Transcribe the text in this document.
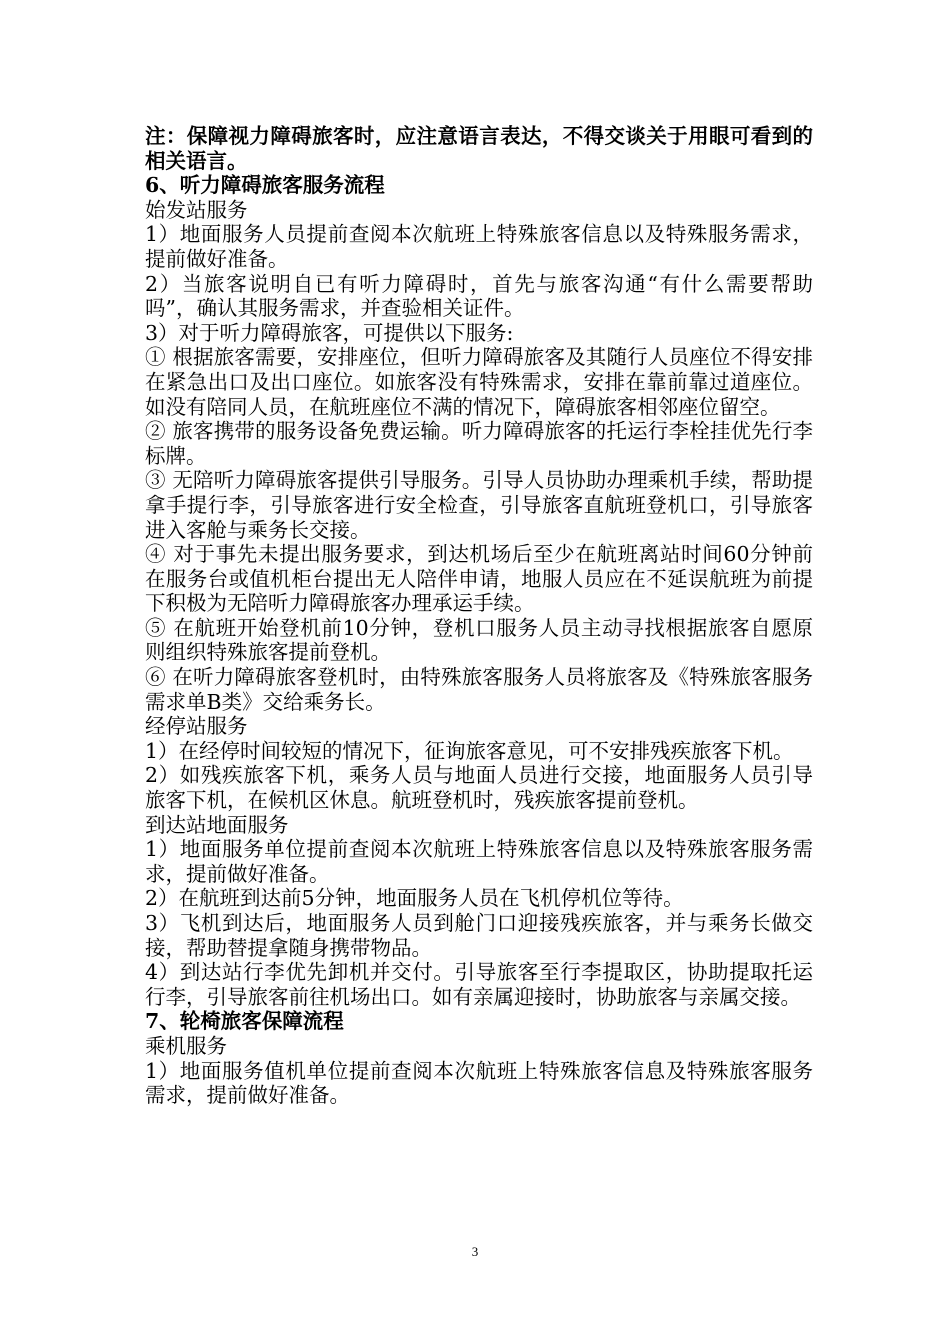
注：保障视力障碍旅客时，应注意语言表达，不得交谈关于用眼可看到的相关语言。

6、听力障碍旅客服务流程

始发站服务

1）地面服务人员提前查阅本次航班上特殊旅客信息以及特殊服务需求，提前做好准备。

2）当旅客说明自已有听力障碍时，首先与旅客沟通“有什么需要帮助吗”，确认其服务需求，并查验相关证件。

3）对于听力障碍旅客，可提供以下服务:

① 根据旅客需要，安排座位，但听力障碍旅客及其随行人员座位不得安排在紧急出口及出口座位。如旅客没有特殊需求，安排在靠前靠过道座位。如没有陪同人员，在航班座位不满的情况下，障碍旅客相邻座位留空。

② 旅客携带的服务设备免费运输。听力障碍旅客的托运行李栓挂优先行李标牌。

③ 无陪听力障碍旅客提供引导服务。引导人员协助办理乘机手续，帮助提拿手提行李，引导旅客进行安全检查，引导旅客直航班登机口，引导旅客进入客舱与乘务长交接。

④ 对于事先未提出服务要求，到达机场后至少在航班离站时间60分钟前在服务台或值机柜台提出无人陪伴申请，地服人员应在不延误航班为前提下积极为无陪听力障碍旅客办理承运手续。

⑤ 在航班开始登机前10分钟，登机口服务人员主动寻找根据旅客自愿原则组织特殊旅客提前登机。

⑥ 在听力障碍旅客登机时，由特殊旅客服务人员将旅客及《特殊旅客服务需求单B类》交给乘务长。

经停站服务

1）在经停时间较短的情况下，征询旅客意见，可不安排残疾旅客下机。

2）如残疾旅客下机，乘务人员与地面人员进行交接，地面服务人员引导旅客下机，在候机区休息。航班登机时，残疾旅客提前登机。

到达站地面服务

1）地面服务单位提前查阅本次航班上特殊旅客信息以及特殊旅客服务需求，提前做好准备。

2）在航班到达前5分钟，地面服务人员在飞机停机位等待。

3）飞机到达后，地面服务人员到舱门口迎接残疾旅客，并与乘务长做交接，帮助替提拿随身携带物品。

4）到达站行李优先卸机并交付。引导旅客至行李提取区，协助提取托运行李，引导旅客前往机场出口。如有亲属迎接时，协助旅客与亲属交接。

7、轮椅旅客保障流程

乘机服务

1）地面服务值机单位提前查阅本次航班上特殊旅客信息及特殊旅客服务需求，提前做好准备。

3
